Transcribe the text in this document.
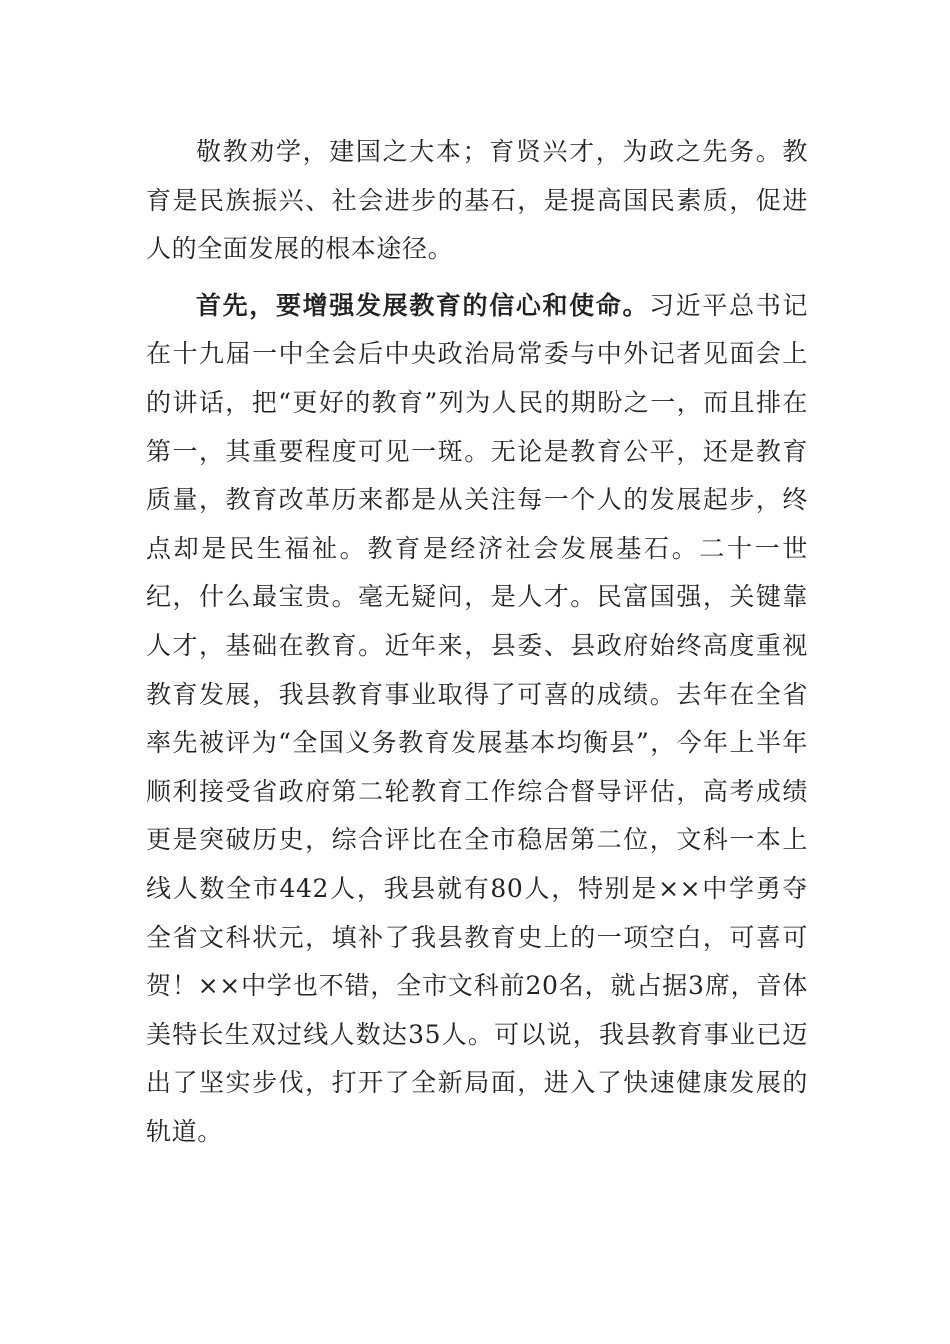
敬教劝学，建国之大本；育贤兴才，为政之先务。教育是民族振兴、社会进步的基石，是提高国民素质，促进人的全面发展的根本途径。

首先，要增强发展教育的信心和使命。习近平总书记在十九届一中全会后中央政治局常委与中外记者见面会上的讲话，把“更好的教育”列为人民的期盼之一，而且排在第一，其重要程度可见一斑。无论是教育公平，还是教育质量，教育改革历来都是从关注每一个人的发展起步，终点却是民生福祉。教育是经济社会发展基石。二十一世纪，什么最宝贵。毫无疑问，是人才。民富国强，关键靠人才，基础在教育。近年来，县委、县政府始终高度重视教育发展，我县教育事业取得了可喜的成绩。去年在全省率先被评为“全国义务教育发展基本均衡县”，今年上半年顺利接受省政府第二轮教育工作综合督导评估，高考成绩更是突破历史，综合评比在全市稳居第二位，文科一本上线人数全市442人，我县就有80人，特别是××中学勇夺全省文科状元，填补了我县教育史上的一项空白，可喜可贺！××中学也不错，全市文科前20名，就占据3席，音体美特长生双过线人数达35人。可以说，我县教育事业已迈出了坚实步伐，打开了全新局面，进入了快速健康发展的轨道。
